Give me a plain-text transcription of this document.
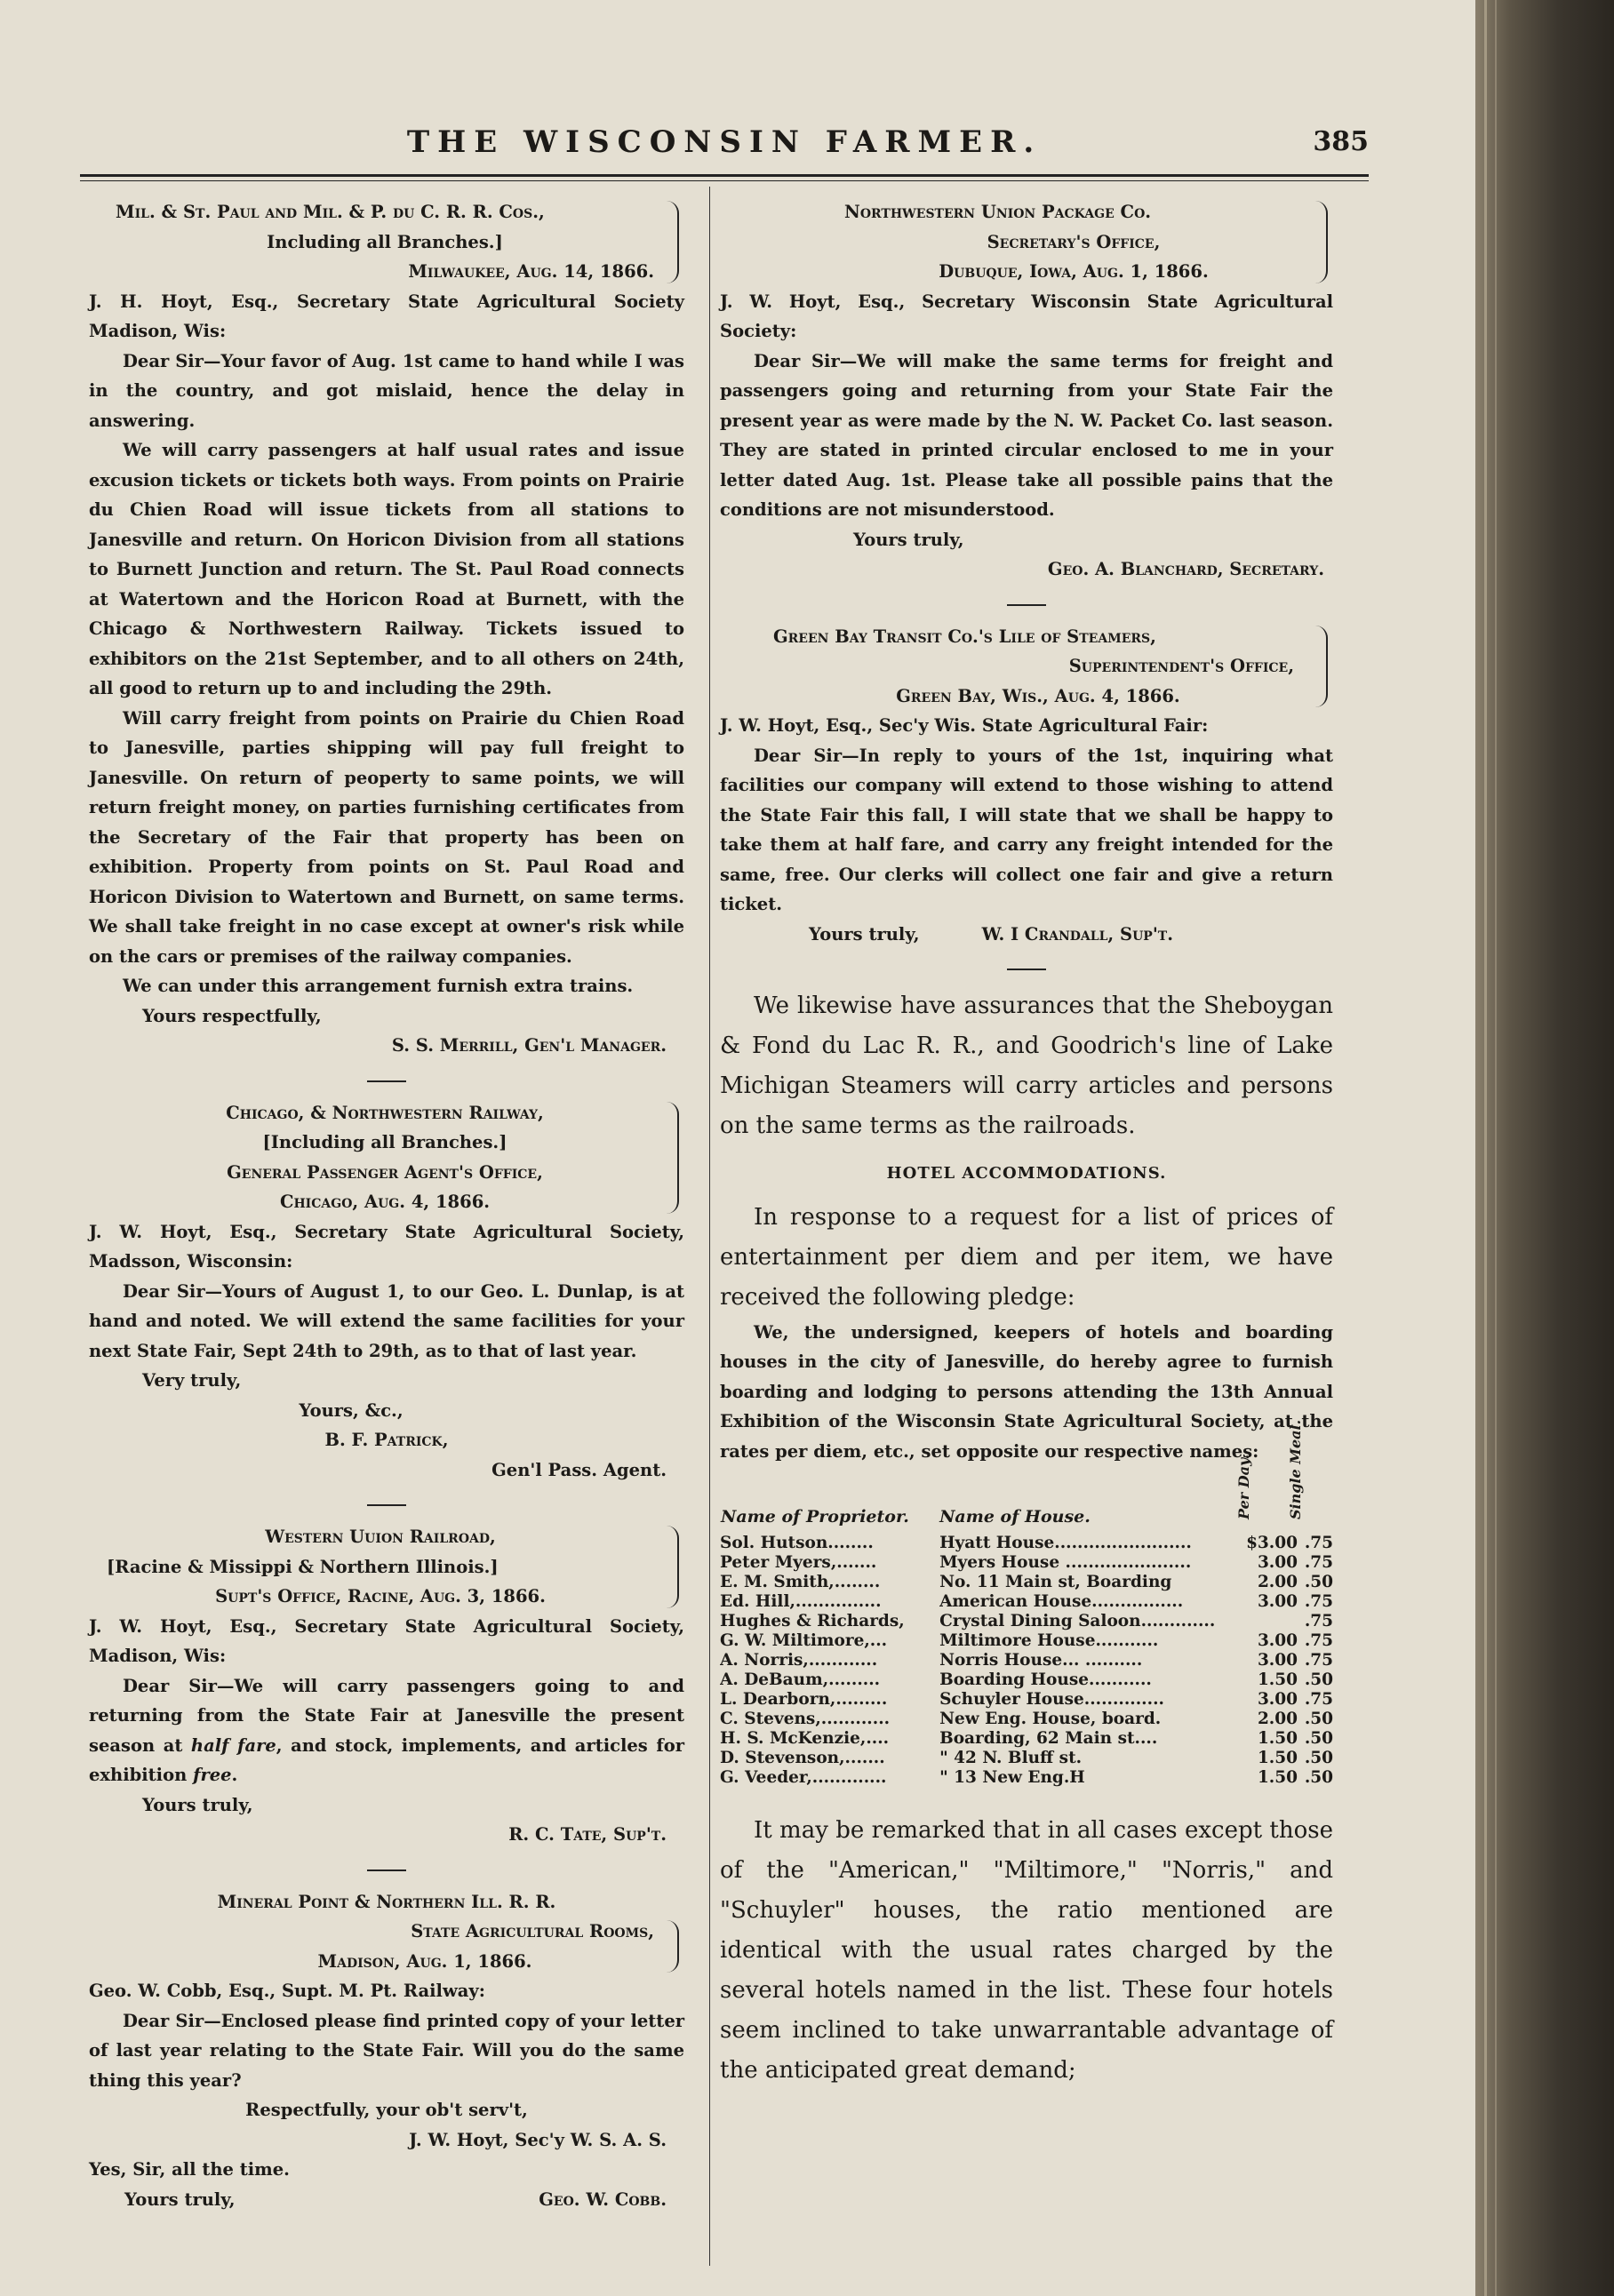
THE WISCONSIN FARMER.	385
Mil. & St. Paul and Mil. & P. du C. R. R. Cos.,
Including all Branches.]
Milwaukee, Aug. 14, 1866.

J. H. Hoyt, Esq., Secretary State Agricultural Society Madison, Wis:

Dear Sir—Your favor of Aug. 1st came to hand while I was in the country, and got mislaid, hence the delay in answering.

We will carry passengers at half usual rates and issue excusion tickets or tickets both ways. From points on Prairie du Chien Road will issue tickets from all stations to Janesville and return. On Horicon Division from all stations to Burnett Junction and return. The St. Paul Road connects at Watertown and the Horicon Road at Burnett, with the Chicago & Northwestern Railway. Tickets issued to exhibitors on the 21st September, and to all others on 24th, all good to return up to and including the 29th.

Will carry freight from points on Prairie du Chien Road to Janesville, parties shipping will pay full freight to Janesville. On return of peoperty to same points, we will return freight money, on parties furnishing certificates from the Secretary of the Fair that property has been on exhibition. Property from points on St. Paul Road and Horicon Division to Watertown and Burnett, on same terms. We shall take freight in no case except at owner's risk while on the cars or premises of the railway companies.

We can under this arrangement furnish extra trains.

Yours respectfully,

S. S. Merrill, Gen'l Manager.

Chicago, & Northwestern Railway,
[Including all Branches.]
General Passenger Agent's Office,
Chicago, Aug. 4, 1866.

J. W. Hoyt, Esq., Secretary State Agricultural Society, Madsson, Wisconsin:

Dear Sir—Yours of August 1, to our Geo. L. Dunlap, is at hand and noted. We will extend the same facilities for your next State Fair, Sept 24th to 29th, as to that of last year.

Very truly,

Yours, &c.,

B. F. Patrick,

Gen'l Pass. Agent.

Western Uuion Railroad,
[Racine & Missippi & Northern Illinois.]
Supt's Office, Racine, Aug. 3, 1866.

J. W. Hoyt, Esq., Secretary State Agricultural Society, Madison, Wis:

Dear Sir—We will carry passengers going to and returning from the State Fair at Janesville the present season at half fare, and stock, implements, and articles for exhibition free.

Yours truly,

R. C. Tate, Sup't.

Mineral Point & Northern Ill. R. R.

State Agricultural Rooms,
Madison, Aug. 1, 1866.

Geo. W. Cobb, Esq., Supt. M. Pt. Railway:

Dear Sir—Enclosed please find printed copy of your letter of last year relating to the State Fair. Will you do the same thing this year?

Respectfully, your ob't serv't,

J. W. Hoyt, Sec'y W. S. A. S.

Yes, Sir, all the time.

Yours truly,	Geo. W. Cobb.

Northwestern Union Package Co.
Secretary's Office,
Dubuque, Iowa, Aug. 1, 1866.

J. W. Hoyt, Esq., Secretary Wisconsin State Agricultural Society:

Dear Sir—We will make the same terms for freight and passengers going and returning from your State Fair the present year as were made by the N. W. Packet Co. last season. They are stated in printed circular enclosed to me in your letter dated Aug. 1st. Please take all possible pains that the conditions are not misunderstood.

Yours truly,

Geo. A. Blanchard, Secretary.

Green Bay Transit Co.'s Lile of Steamers,
Superintendent's Office,
Green Bay, Wis., Aug. 4, 1866.

J. W. Hoyt, Esq., Sec'y Wis. State Agricultural Fair:

Dear Sir—In reply to yours of the 1st, inquiring what facilities our company will extend to those wishing to attend the State Fair this fall, I will state that we shall be happy to take them at half fare, and carry any freight intended for the same, free. Our clerks will collect one fair and give a return ticket.

Yours truly,	W. I Crandall, Sup't.

We likewise have assurances that the Sheboygan & Fond du Lac R. R., and Goodrich's line of Lake Michigan Steamers will carry articles and persons on the same terms as the railroads.

HOTEL ACCOMMODATIONS.

In response to a request for a list of prices of entertainment per diem and per item, we have received the following pledge:

We, the undersigned, keepers of hotels and boarding houses in the city of Janesville, do hereby agree to furnish boarding and lodging to persons attending the 13th Annual Exhibition of the Wisconsin State Agricultural Society, at the rates per diem, etc., set opposite our respective names:

Name of Proprietor.	Name of House.	Per Day.	Single Meal.

Sol. Hutson........	Hyatt House........................	$3.00	.75
Peter Myers,.......	Myers House ......................	3.00	.75
E. M. Smith,........	No. 11 Main st, Boarding	2.00	.50
Ed. Hill,...............	American House................	3.00	.75
Hughes & Richards,	Crystal Dining Saloon.............		.75
G. W. Miltimore,...	Miltimore House...........	3.00	.75
A. Norris,............	Norris House... ..........	3.00	.75
A. DeBaum,.........	Boarding House...........	1.50	.50
L. Dearborn,.........	Schuyler House..............	3.00	.75
C. Stevens,............	New Eng. House, board.	2.00	.50
H. S. McKenzie,....	Boarding, 62 Main st....	1.50	.50
D. Stevenson,.......	" 42 N. Bluff st.	1.50	.50
G. Veeder,.............	" 13 New Eng.H	1.50	.50

It may be remarked that in all cases except those of the "American," "Miltimore," "Norris," and "Schuyler" houses, the ratio mentioned are identical with the usual rates charged by the several hotels named in the list. These four hotels seem inclined to take unwarrantable advantage of the anticipated great demand;
